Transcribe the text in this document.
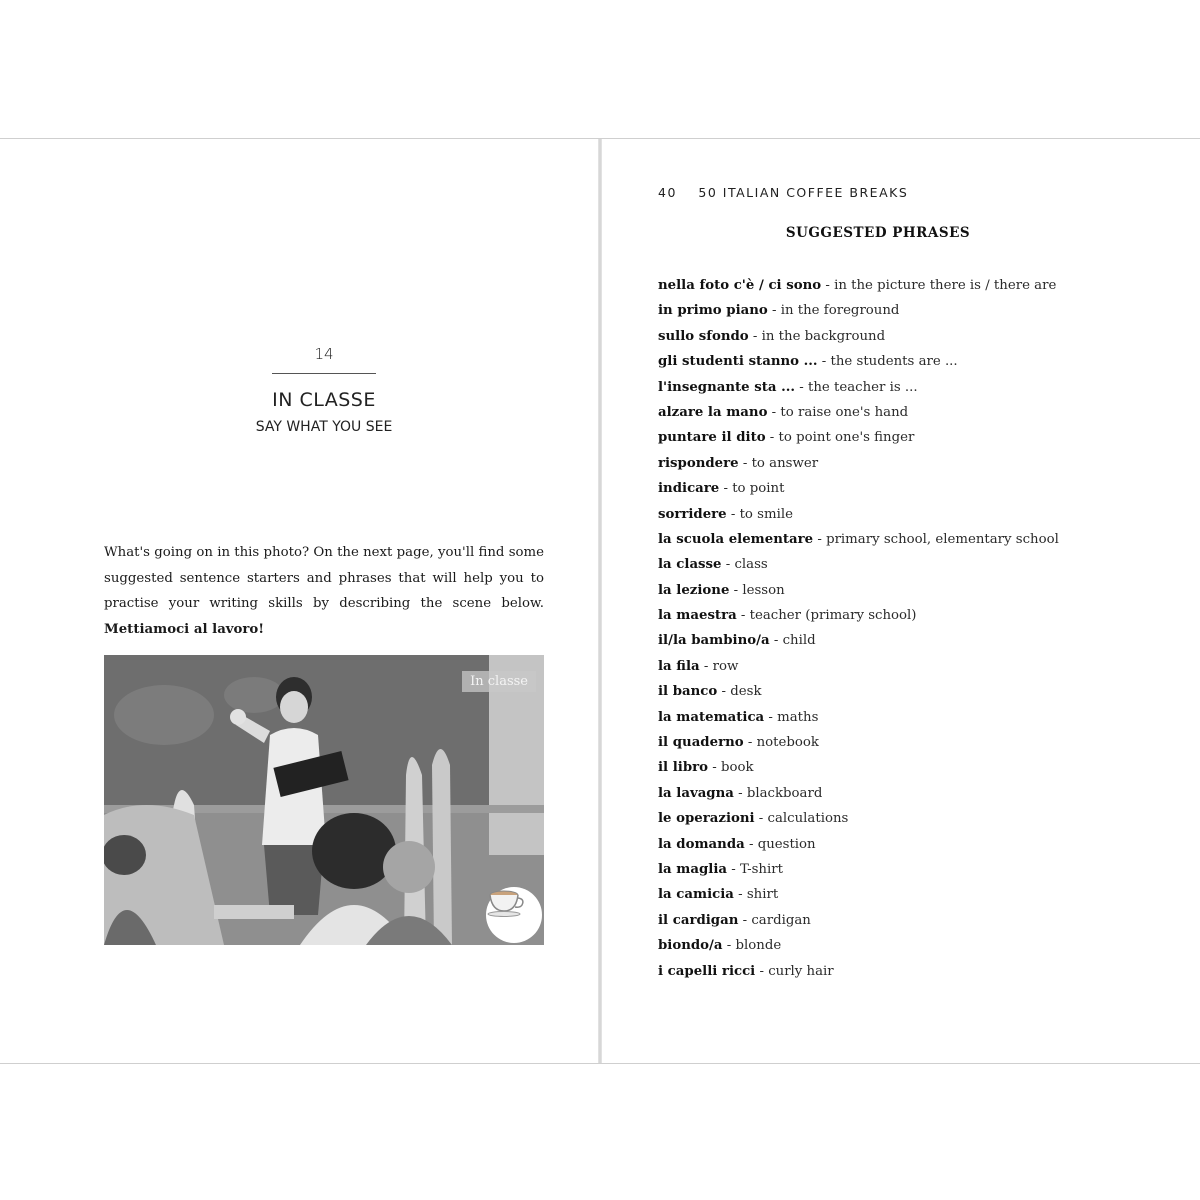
14
IN CLASSE
SAY WHAT YOU SEE

What's going on in this photo? On the next page, you'll find some suggested sentence starters and phrases that will help you to practise your writing skills by describing the scene below. Mettiamoci al lavoro!

In classe
40 50 ITALIAN COFFEE BREAKS
SUGGESTED PHRASES
nella foto c'è / ci sono - in the picture there is / there are
in primo piano - in the foreground
sullo sfondo - in the background
gli studenti stanno ... - the students are ...
l'insegnante sta ... - the teacher is ...
alzare la mano - to raise one's hand
puntare il dito - to point one's finger
rispondere - to answer
indicare - to point
sorridere - to smile
la scuola elementare - primary school, elementary school
la classe - class
la lezione - lesson
la maestra - teacher (primary school)
il/la bambino/a - child
la fila - row
il banco - desk
la matematica - maths
il quaderno - notebook
il libro - book
la lavagna - blackboard
le operazioni - calculations
la domanda - question
la maglia - T-shirt
la camicia - shirt
il cardigan - cardigan
biondo/a - blonde
i capelli ricci - curly hair
